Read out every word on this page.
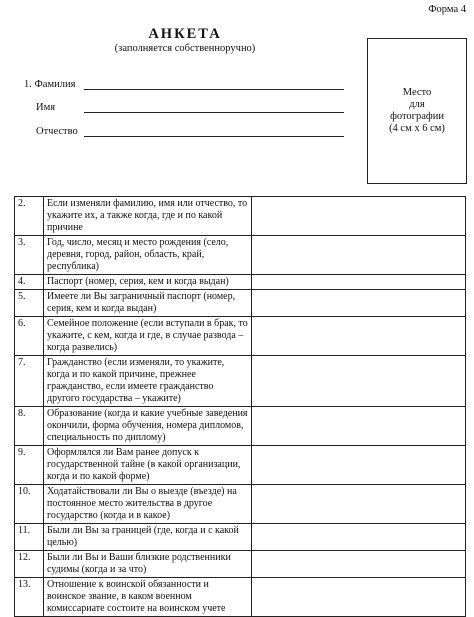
Форма 4
АНКЕТА
(заполняется собственноручно)
1. Фамилия
Имя
Отчество
Место
для
фотографии
(4 см х 6 см)
2.	Если изменяли фамилию, имя или отчество, то укажите их, а также когда, где и по какой причине	
3.	Год, число, месяц и место рождения (село, деревня, город, район, область, край, республика)	
4.	Паспорт (номер, серия, кем и когда выдан)	
5.	Имеете ли Вы заграничный паспорт (номер, серия, кем и когда выдан)	
6.	Семейное положение (если вступали в брак, то укажите, с кем, когда и где, в случае развода – когда развелись)	
7.	Гражданство (если изменяли, то укажите, когда и по какой причине, прежнее гражданство, если имеете гражданство другого государства – укажите)	
8.	Образование (когда и какие учебные заведения окончили, форма обучения, номера дипломов, специальность по диплому)	
9.	Оформлялся ли Вам ранее допуск к государственной тайне (в какой организации, когда и по какой форме)	
10.	Ходатайствовали ли Вы о выезде (въезде) на постоянное место жительства в другое государство (когда и в какое)	
11.	Были ли Вы за границей (где, когда и с какой целью)	
12.	Были ли Вы и Ваши близкие родственники судимы (когда и за что)	
13.	Отношение к воинской обязанности и воинское звание, в каком военном комиссариате состоите на воинском учете	
